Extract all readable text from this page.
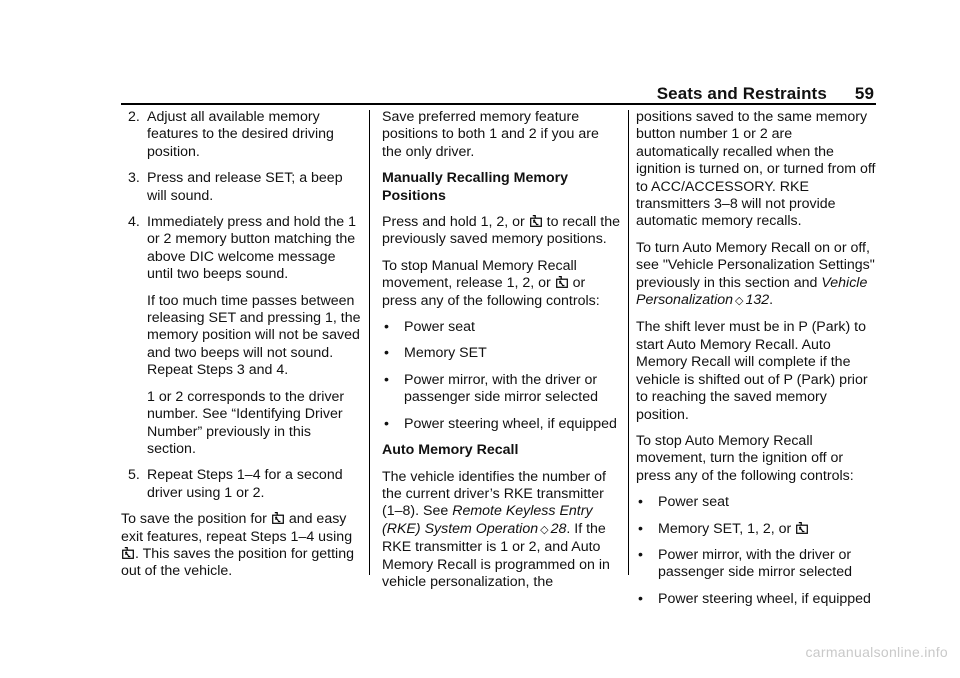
Seats and Restraints 59
2. Adjust all available memory features to the desired driving position.
3. Press and release SET; a beep will sound.
4. Immediately press and hold the 1 or 2 memory button matching the above DIC welcome message until two beeps sound.
If too much time passes between releasing SET and pressing 1, the memory position will not be saved and two beeps will not sound. Repeat Steps 3 and 4.
1 or 2 corresponds to the driver number. See “Identifying Driver Number” previously in this section.
5. Repeat Steps 1–4 for a second driver using 1 or 2.
To save the position for and easy exit features, repeat Steps 1–4 using . This saves the position for getting out of the vehicle.
Save preferred memory feature positions to both 1 and 2 if you are the only driver.
Manually Recalling Memory Positions
Press and hold 1, 2, or to recall the previously saved memory positions.
To stop Manual Memory Recall movement, release 1, 2, or or press any of the following controls:
• Power seat
• Memory SET
• Power mirror, with the driver or passenger side mirror selected
• Power steering wheel, if equipped
Auto Memory Recall
The vehicle identifies the number of the current driver’s RKE transmitter (1–8). See Remote Keyless Entry (RKE) System Operation ◇ 28. If the RKE transmitter is 1 or 2, and Auto Memory Recall is programmed on in vehicle personalization, the
positions saved to the same memory button number 1 or 2 are automatically recalled when the ignition is turned on, or turned from off to ACC/ACCESSORY. RKE transmitters 3–8 will not provide automatic memory recalls.
To turn Auto Memory Recall on or off, see "Vehicle Personalization Settings" previously in this section and Vehicle Personalization ◇ 132.
The shift lever must be in P (Park) to start Auto Memory Recall. Auto Memory Recall will complete if the vehicle is shifted out of P (Park) prior to reaching the saved memory position.
To stop Auto Memory Recall movement, turn the ignition off or press any of the following controls:
• Power seat
• Memory SET, 1, 2, or
• Power mirror, with the driver or passenger side mirror selected
• Power steering wheel, if equipped
carmanualsonline.info
